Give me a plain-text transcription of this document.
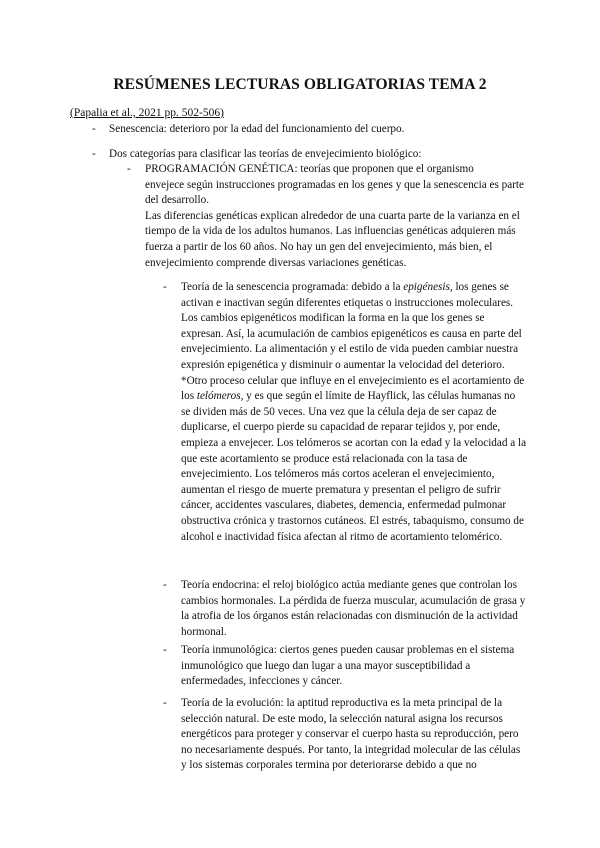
RESÚMENES LECTURAS OBLIGATORIAS TEMA 2
(Papalia et al., 2021 pp. 502-506)
- Senescencia: deterioro por la edad del funcionamiento del cuerpo.
- Dos categorías para clasificar las teorías de envejecimiento biológico:
- PROGRAMACIÓN GENÉTICA: teorías que proponen que el organismo
envejece según instrucciones programadas en los genes y que la senescencia es parte del desarrollo.
Las diferencias genéticas explican alrededor de una cuarta parte de la varianza en el tiempo de la vida de los adultos humanos. Las influencias genéticas adquieren más fuerza a partir de los 60 años. No hay un gen del envejecimiento, más bien, el envejecimiento comprende diversas variaciones genéticas.
- Teoría de la senescencia programada: debido a la epigénesis, los genes se activan e inactivan según diferentes etiquetas o instrucciones moleculares. Los cambios epigenéticos modifican la forma en la que los genes se expresan. Así, la acumulación de cambios epigenéticos es causa en parte del envejecimiento. La alimentación y el estilo de vida pueden cambiar nuestra expresión epigenética y disminuir o aumentar la velocidad del deterioro.
*Otro proceso celular que influye en el envejecimiento es el acortamiento de los telómeros, y es que según el límite de Hayflick, las células humanas no se dividen más de 50 veces. Una vez que la célula deja de ser capaz de duplicarse, el cuerpo pierde su capacidad de reparar tejidos y, por ende, empieza a envejecer. Los telómeros se acortan con la edad y la velocidad a la que este acortamiento se produce está relacionada con la tasa de envejecimiento. Los telómeros más cortos aceleran el envejecimiento, aumentan el riesgo de muerte prematura y presentan el peligro de sufrir cáncer, accidentes vasculares, diabetes, demencia, enfermedad pulmonar obstructiva crónica y trastornos cutáneos. El estrés, tabaquismo, consumo de alcohol e inactividad física afectan al ritmo de acortamiento telomérico.
- Teoría endocrina: el reloj biológico actúa mediante genes que controlan los cambios hormonales. La pérdida de fuerza muscular, acumulación de grasa y la atrofia de los órganos están relacionadas con disminución de la actividad hormonal.
- Teoría inmunológica: ciertos genes pueden causar problemas en el sistema inmunológico que luego dan lugar a una mayor susceptibilidad a enfermedades, infecciones y cáncer.
- Teoría de la evolución: la aptitud reproductiva es la meta principal de la selección natural. De este modo, la selección natural asigna los recursos energéticos para proteger y conservar el cuerpo hasta su reproducción, pero no necesariamente después. Por tanto, la integridad molecular de las células y los sistemas corporales termina por deteriorarse debido a que no
